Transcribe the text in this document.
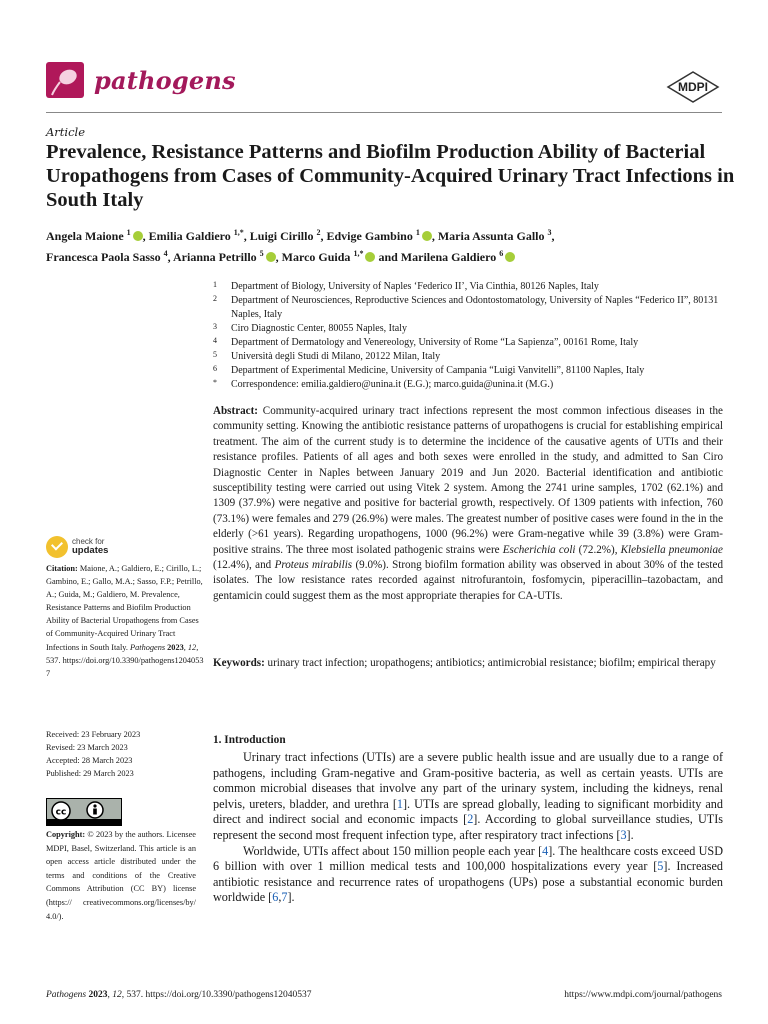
pathogens	MDPI
Article
Prevalence, Resistance Patterns and Biofilm Production Ability of Bacterial Uropathogens from Cases of Community-Acquired Urinary Tract Infections in South Italy
Angela Maione $^1$ , Emilia Galdiero $^{1,*}$, Luigi Cirillo $^2$, Edvige Gambino $^1$ , Maria Assunta Gallo $^3$,
Francesca Paola Sasso $^4$, Arianna Petrillo $^5$ , Marco Guida $^{1,*}$ and Marilena Galdiero $^6$
1	Department of Biology, University of Naples ‘Federico II’, Via Cinthia, 80126 Naples, Italy
2	Department of Neurosciences, Reproductive Sciences and Odontostomatology, University of Naples “Federico II”, 80131 Naples, Italy
3	Ciro Diagnostic Center, 80055 Naples, Italy
4	Department of Dermatology and Venereology, University of Rome “La Sapienza”, 00161 Rome, Italy
5	Università degli Studi di Milano, 20122 Milan, Italy
6	Department of Experimental Medicine, University of Campania “Luigi Vanvitelli”, 81100 Naples, Italy
*	Correspondence: emilia.galdiero@unina.it (E.G.); marco.guida@unina.it (M.G.)
Abstract: Community-acquired urinary tract infections represent the most common infectious diseases in the community setting. Knowing the antibiotic resistance patterns of uropathogens is crucial for establishing empirical treatment. The aim of the current study is to determine the incidence of the causative agents of UTIs and their resistance profiles. Patients of all ages and both sexes were enrolled in the study, and admitted to San Ciro Diagnostic Center in Naples between January 2019 and Jun 2020. Bacterial identification and antibiotic susceptibility testing were carried out using Vitek 2 system. Among the 2741 urine samples, 1702 (62.1%) and 1309 (37.9%) were negative and positive for bacterial growth, respectively. Of 1309 patients with infection, 760 (73.1%) were females and 279 (26.9%) were males. The greatest number of positive cases were found in the in the elderly (>61 years). Regarding uropathogens, 1000 (96.2%) were Gram-negative while 39 (3.8%) were Gram-positive strains. The three most isolated pathogenic strains were Escherichia coli (72.2%), Klebsiella pneumoniae (12.4%), and Proteus mirabilis (9.0%). Strong biofilm formation ability was observed in about 30% of the tested isolates. The low resistance rates recorded against nitrofurantoin, fosfomycin, piperacillin–tazobactam, and gentamicin could suggest them as the most appropriate therapies for CA-UTIs.
Keywords: urinary tract infection; uropathogens; antibiotics; antimicrobial resistance; biofilm; empirical therapy
check for
updates
Citation: Maione, A.; Galdiero, E.; Cirillo, L.; Gambino, E.; Gallo, M.A.; Sasso, F.P.; Petrillo, A.; Guida, M.; Galdiero, M. Prevalence, Resistance Patterns and Biofilm Production Ability of Bacterial Uropathogens from Cases of Community-Acquired Urinary Tract Infections in South Italy. Pathogens 2023, 12, 537. https://doi.org/10.3390/pathogens12040537
Received: 23 February 2023
Revised: 23 March 2023
Accepted: 28 March 2023
Published: 29 March 2023
cc
Copyright: © 2023 by the authors. Licensee MDPI, Basel, Switzerland. This article is an open access article distributed under the terms and conditions of the Creative Commons Attribution (CC BY) license (https:// creativecommons.org/licenses/by/ 4.0/).
1. Introduction

Urinary tract infections (UTIs) are a severe public health issue and are usually due to a range of pathogens, including Gram-negative and Gram-positive bacteria, as well as certain yeasts. UTIs are common microbial diseases that involve any part of the urinary system, including the kidneys, renal pelvis, ureters, bladder, and urethra [1]. UTIs are spread globally, leading to significant morbidity and direct and indirect social and economic impacts [2]. According to global surveillance studies, UTIs represent the second most frequent infection type, after respiratory tract infections [3].

Worldwide, UTIs affect about 150 million people each year [4]. The healthcare costs exceed USD 6 billion with over 1 million medical tests and 100,000 hospitalizations every year [5]. Increased antibiotic resistance and recurrence rates of uropathogens (UPs) pose a substantial economic burden worldwide [6,7].

Pathogens 2023, 12, 537. https://doi.org/10.3390/pathogens12040537	https://www.mdpi.com/journal/pathogens
